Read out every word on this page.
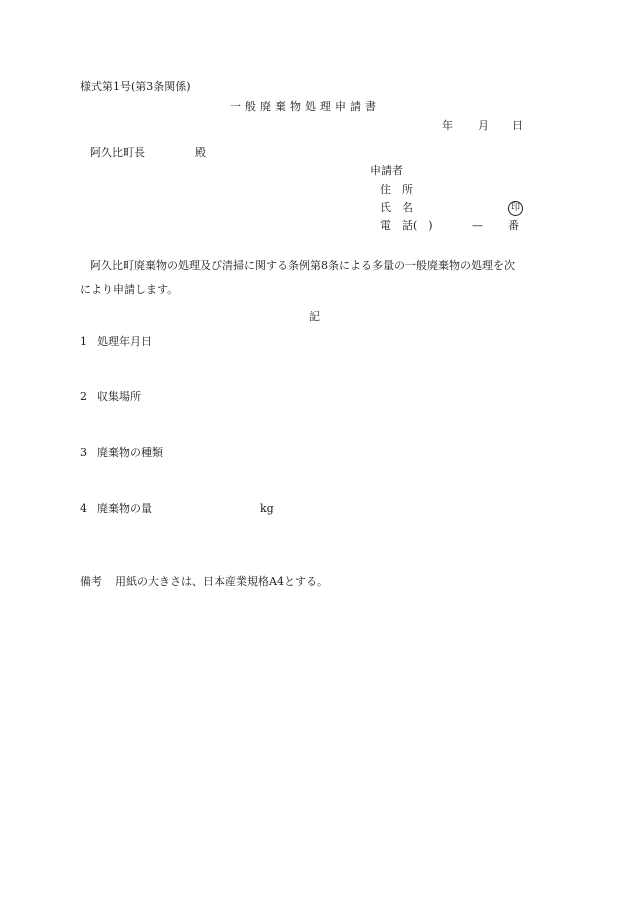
様式第1号(第3条関係)
一般廃棄物処理申請書
年 月 日
阿久比町長	殿
申請者
住　所
氏　名	印
電　話(　)	— 番
阿久比町廃棄物の処理及び清掃に関する条例第8条による多量の一般廃棄物の処理を次
により申請します。
記
1 処理年月日
2 収集場所
3 廃棄物の種類
4 廃棄物の量	kg
備考 用紙の大きさは、日本産業規格A4とする。
